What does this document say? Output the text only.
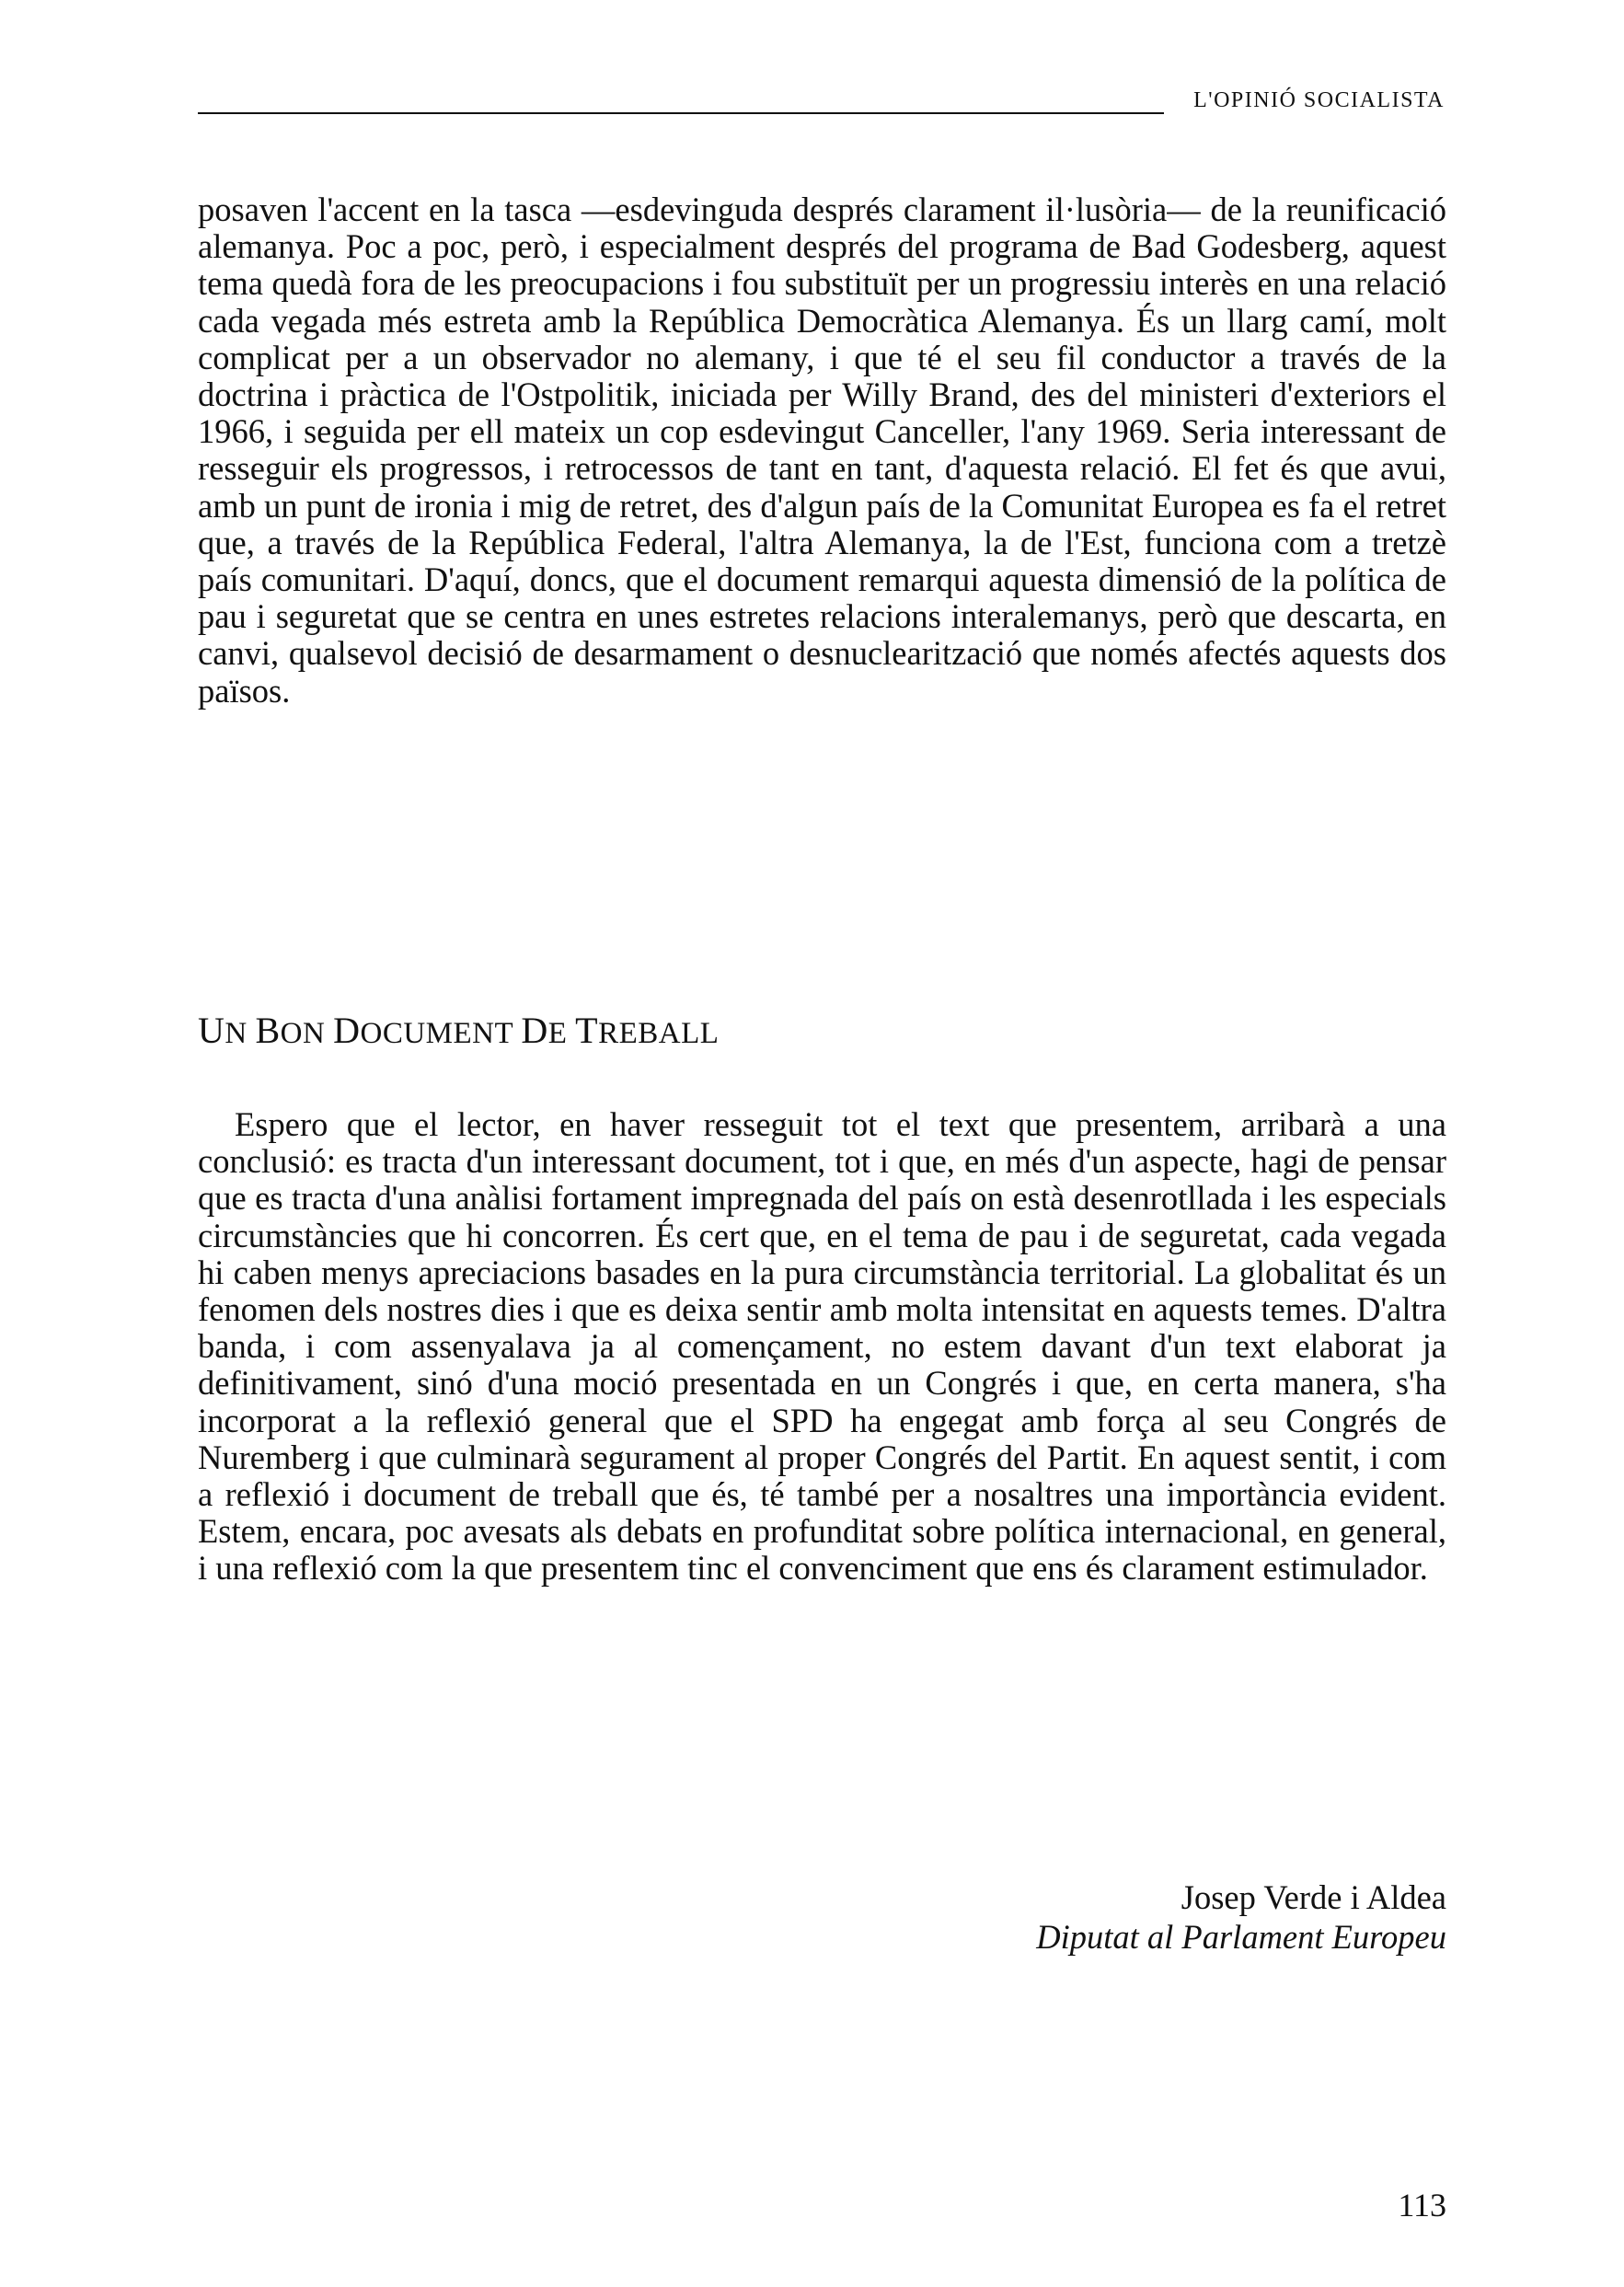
L'OPINIÓ SOCIALISTA

posaven l'accent en la tasca —esdevinguda després clarament il·lusòria— de la reunificació alemanya. Poc a poc, però, i especialment després del programa de Bad Godesberg, aquest tema quedà fora de les preocupacions i fou substituït per un progressiu interès en una relació cada vegada més estreta amb la República Democràtica Alemanya. És un llarg camí, molt complicat per a un observador no alemany, i que té el seu fil conductor a través de la doctrina i pràctica de l'Ostpolitik, iniciada per Willy Brand, des del ministeri d'exteriors el 1966, i seguida per ell mateix un cop esdevingut Canceller, l'any 1969. Seria interessant de resseguir els progressos, i retrocessos de tant en tant, d'aquesta relació. El fet és que avui, amb un punt de ironia i mig de retret, des d'algun país de la Comunitat Europea es fa el retret que, a través de la República Federal, l'altra Alemanya, la de l'Est, funciona com a tretzè país comunitari. D'aquí, doncs, que el document remarqui aquesta dimensió de la política de pau i seguretat que se centra en unes estretes relacions interalemanys, però que descarta, en canvi, qualsevol decisió de desarmament o desnuclearització que només afectés aquests dos països.

UN BON DOCUMENT DE TREBALL

Espero que el lector, en haver resseguit tot el text que presentem, arribarà a una conclusió: es tracta d'un interessant document, tot i que, en més d'un aspecte, hagi de pensar que es tracta d'una anàlisi fortament impregnada del país on està desenrotllada i les especials circumstàncies que hi concorren. És cert que, en el tema de pau i de seguretat, cada vegada hi caben menys apreciacions basades en la pura circumstància territorial. La globalitat és un fenomen dels nostres dies i que es deixa sentir amb molta intensitat en aquests temes. D'altra banda, i com assenyalava ja al començament, no estem davant d'un text elaborat ja definitivament, sinó d'una moció presentada en un Congrés i que, en certa manera, s'ha incorporat a la reflexió general que el SPD ha engegat amb força al seu Congrés de Nuremberg i que culminarà segurament al proper Congrés del Partit. En aquest sentit, i com a reflexió i document de treball que és, té també per a nosaltres una importància evident. Estem, encara, poc avesats als debats en profunditat sobre política internacional, en general, i una reflexió com la que presentem tinc el convenciment que ens és clarament estimulador.

Josep Verde i Aldea
Diputat al Parlament Europeu
113
